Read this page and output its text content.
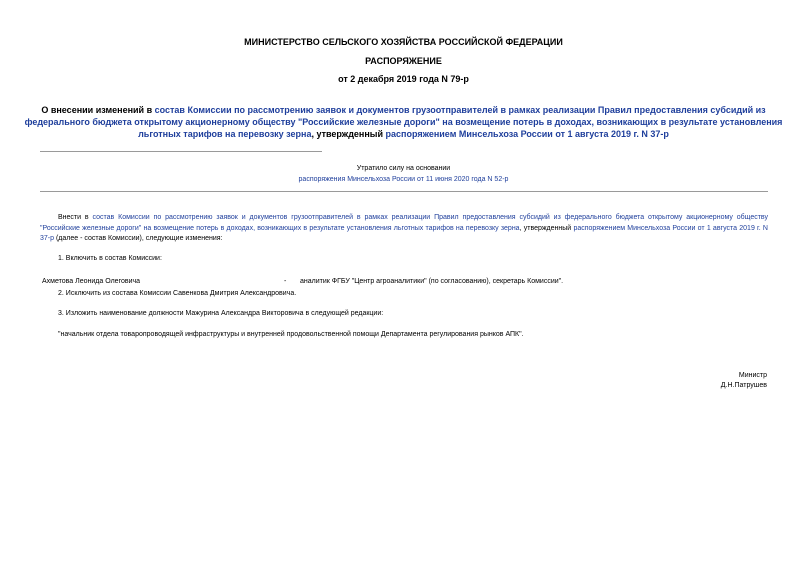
МИНИСТЕРСТВО СЕЛЬСКОГО ХОЗЯЙСТВА РОССИЙСКОЙ ФЕДЕРАЦИИ
РАСПОРЯЖЕНИЕ
от 2 декабря 2019 года N 79-р
О внесении изменений в состав Комиссии по рассмотрению заявок и документов грузоотправителей в рамках реализации Правил предоставления субсидий из федерального бюджета открытому акционерному обществу "Российские железные дороги" на возмещение потерь в доходах, возникающих в результате установления льготных тарифов на перевозку зерна, утвержденный распоряжением Минсельхоза России от 1 августа 2019 г. N 37-р
Утратило силу на основании
распоряжения Минсельхоза России от 11 июня 2020 года N 52-р
Внести в состав Комиссии по рассмотрению заявок и документов грузоотправителей в рамках реализации Правил предоставления субсидий из федерального бюджета открытому акционерному обществу "Российские железные дороги" на возмещение потерь в доходах, возникающих в результате установления льготных тарифов на перевозку зерна, утвержденный распоряжением Минсельхоза России от 1 августа 2019 г. N 37-р (далее - состав Комиссии), следующие изменения:
1. Включить в состав Комиссии:
Ахметова Леонида Олеговича	- аналитик ФГБУ "Центр агроаналитики" (по согласованию), секретарь Комиссии".
2. Исключить из состава Комиссии Савенкова Дмитрия Александровича.
3. Изложить наименование должности Мажурина Александра Викторовича в следующей редакции:
"начальник отдела товаропроводящей инфраструктуры и внутренней продовольственной помощи Департамента регулирования рынков АПК".
Министр
Д.Н.Патрушев
